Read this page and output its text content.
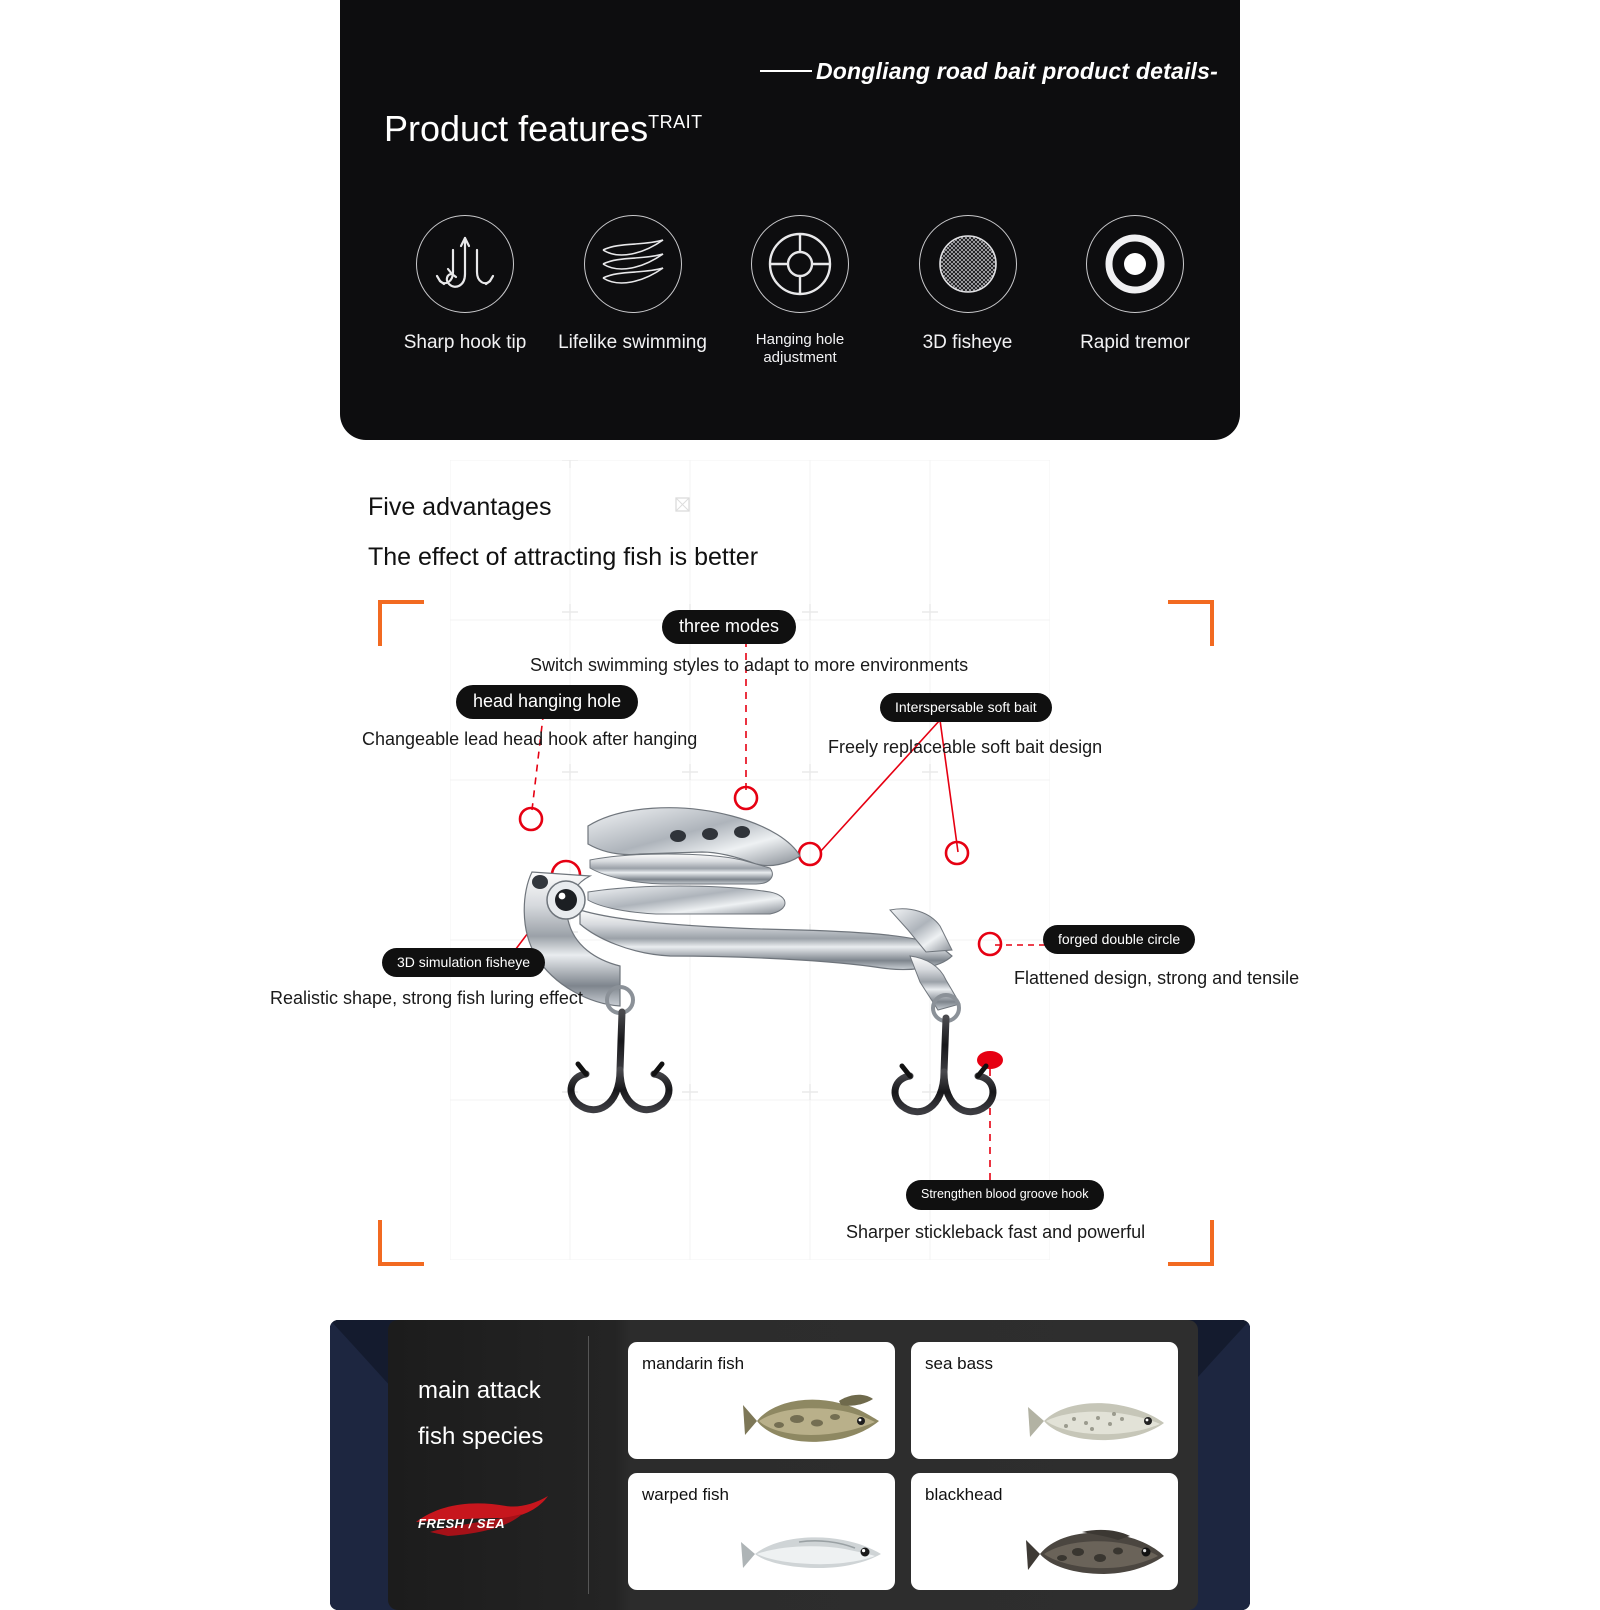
Dongliang road bait product details-
Product features$^{TRAIT}$
Sharp hook tip Lifelike swimming	Hanging hole adjustment
3D fisheye	Rapid tremor
Five advantages
The effect of attracting fish is better
three modes
Switch swimming styles to adapt to more environments
head hanging hole
Changeable lead head hook after hanging
Interspersable soft bait
Freely replaceable soft bait design
3D simulation fisheye
Realistic shape, strong fish luring effect
forged double circle
Flattened design, strong and tensile
Strengthen blood groove hook
Sharper stickleback fast and powerful
main attack
fish species
FRESH / SEA
mandarin fish	sea bass
warped fish	blackhead
